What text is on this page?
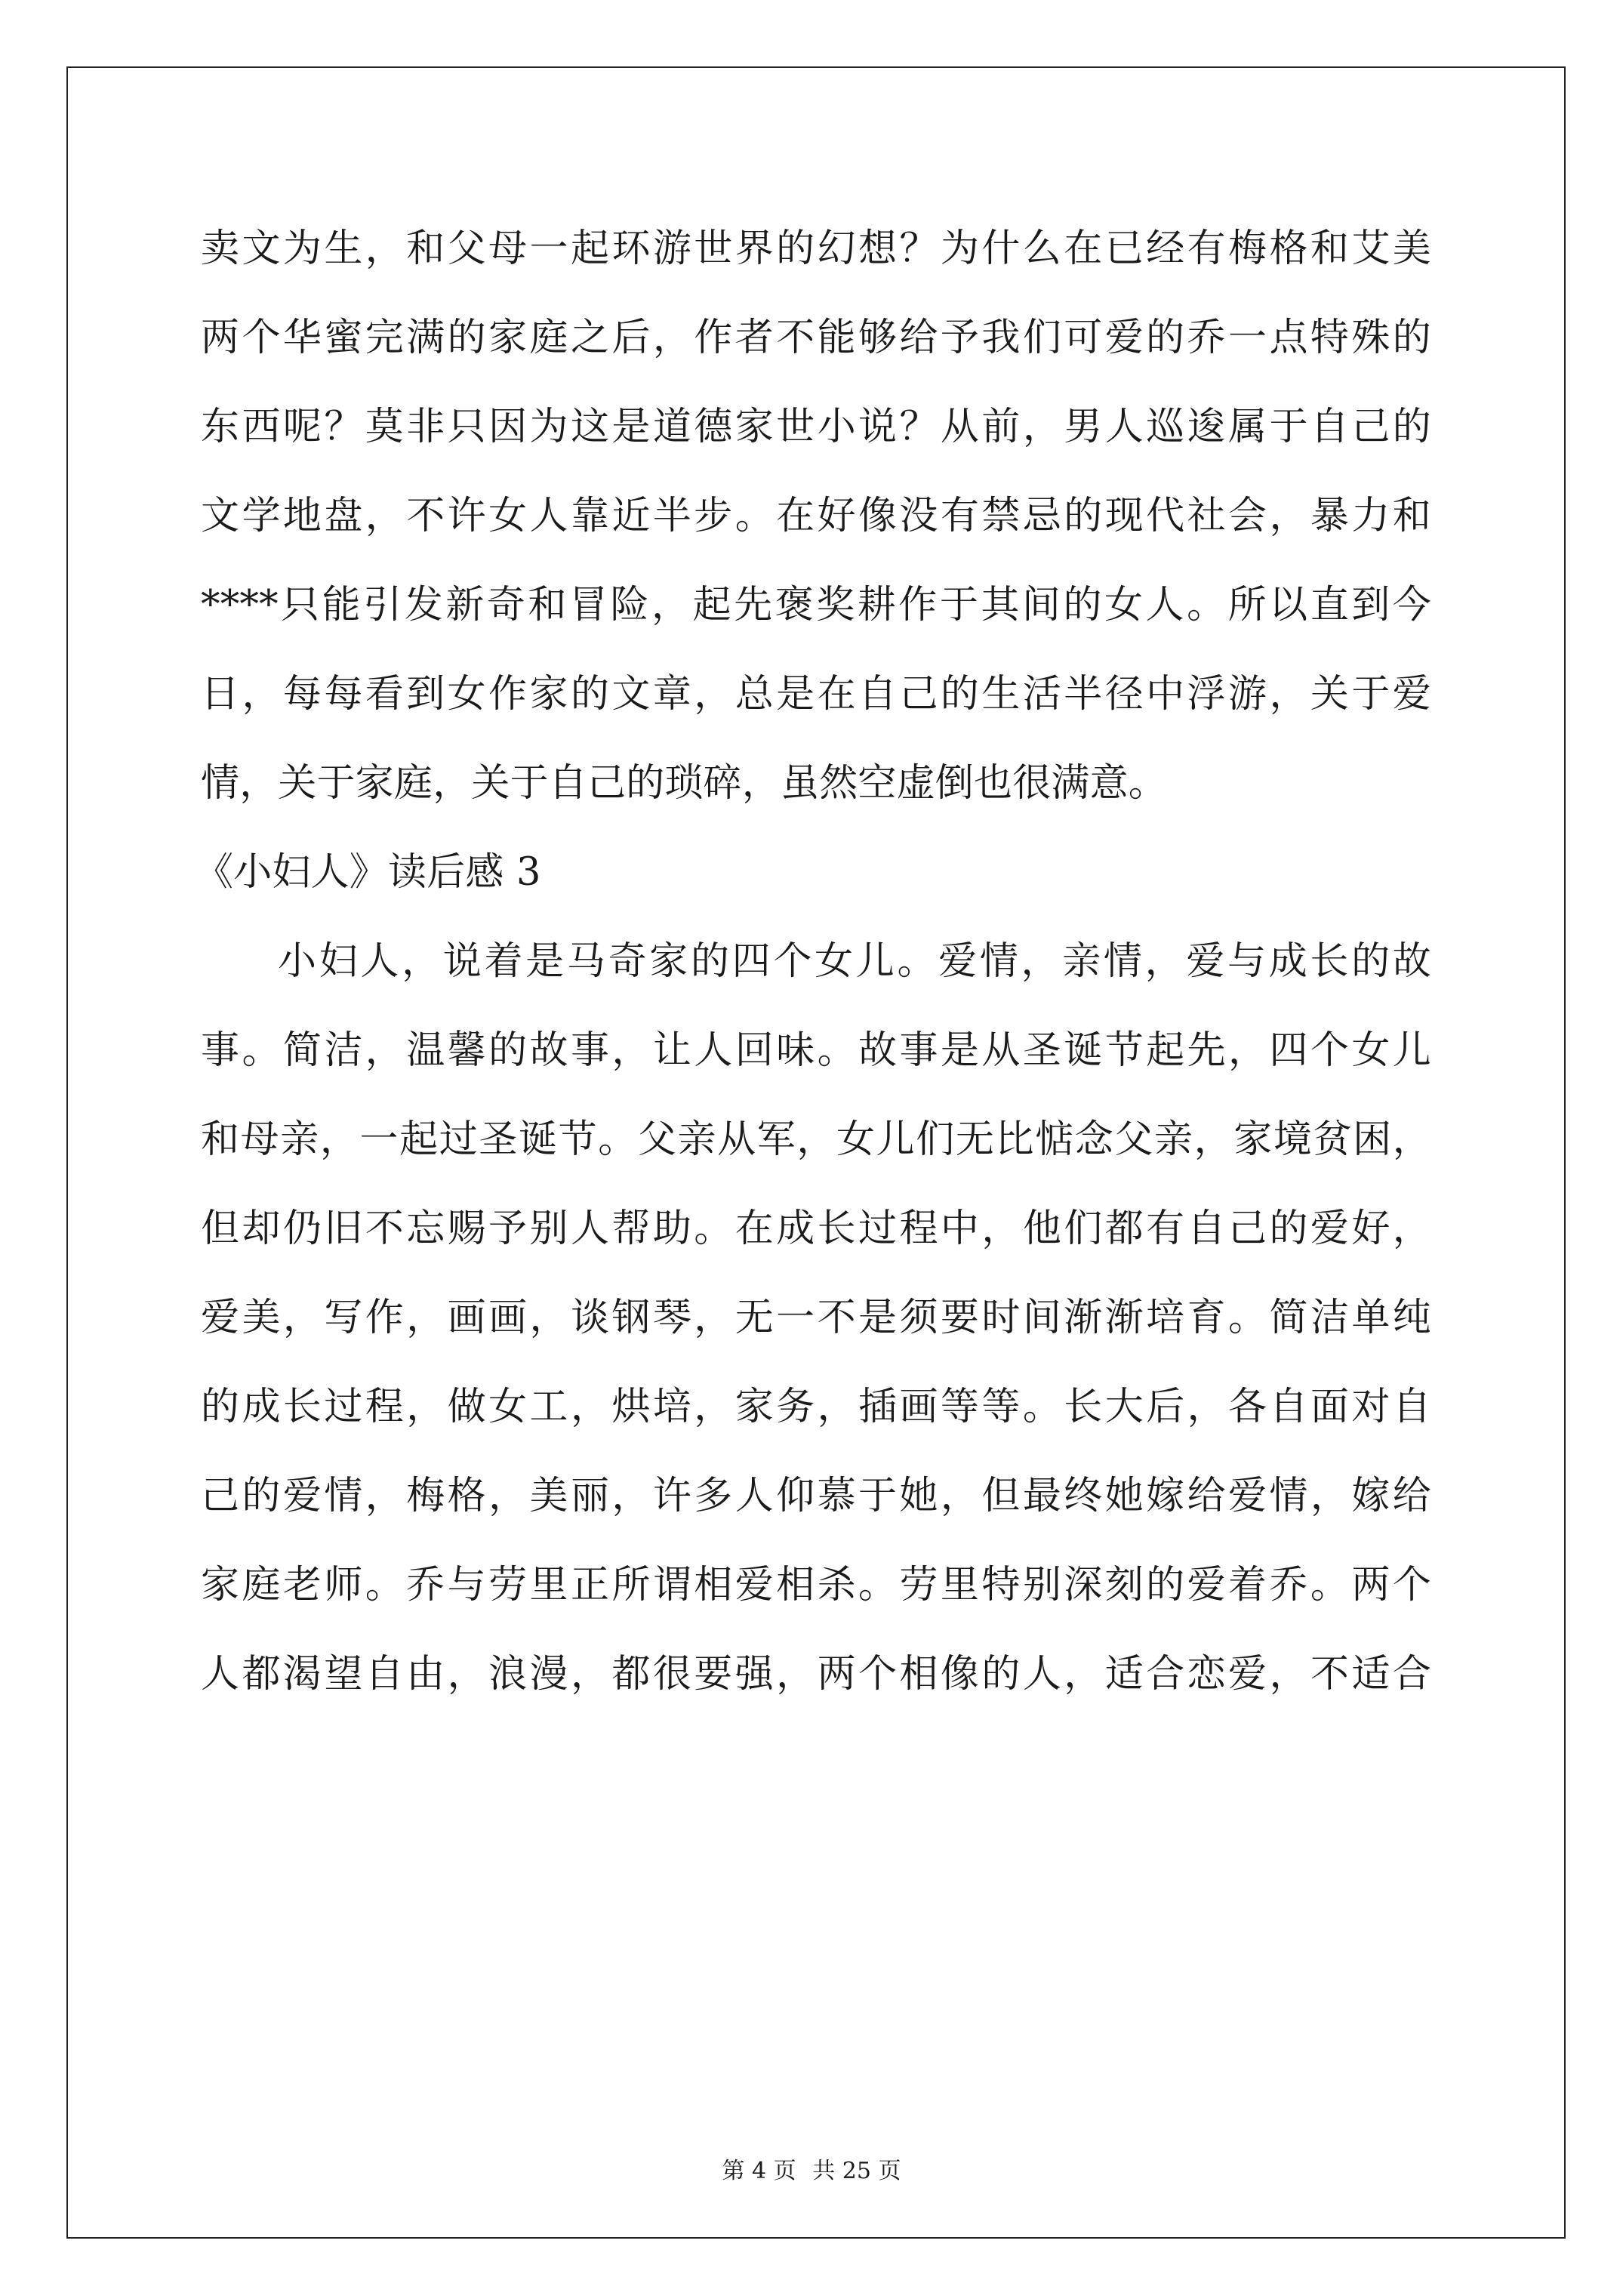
卖文为生，和父母一起环游世界的幻想？为什么在已经有梅格和艾美
两个华蜜完满的家庭之后，作者不能够给予我们可爱的乔一点特殊的
东西呢？莫非只因为这是道德家世小说？从前，男人巡逡属于自己的
文学地盘，不许女人靠近半步。在好像没有禁忌的现代社会，暴力和
****只能引发新奇和冒险，起先褒奖耕作于其间的女人。所以直到今
日，每每看到女作家的文章，总是在自己的生活半径中浮游，关于爱
情，关于家庭，关于自己的琐碎，虽然空虚倒也很满意。
《小妇人》读后感 3
小妇人，说着是马奇家的四个女儿。爱情，亲情，爱与成长的故
事。简洁，温馨的故事，让人回味。故事是从圣诞节起先，四个女儿
和母亲，一起过圣诞节。父亲从军，女儿们无比惦念父亲，家境贫困，
但却仍旧不忘赐予别人帮助。在成长过程中，他们都有自己的爱好，
爱美，写作，画画，谈钢琴，无一不是须要时间渐渐培育。简洁单纯
的成长过程，做女工，烘培，家务，插画等等。长大后，各自面对自
己的爱情，梅格，美丽，许多人仰慕于她，但最终她嫁给爱情，嫁给
家庭老师。乔与劳里正所谓相爱相杀。劳里特别深刻的爱着乔。两个
人都渴望自由，浪漫，都很要强，两个相像的人，适合恋爱，不适合
第 4 页 共 25 页
